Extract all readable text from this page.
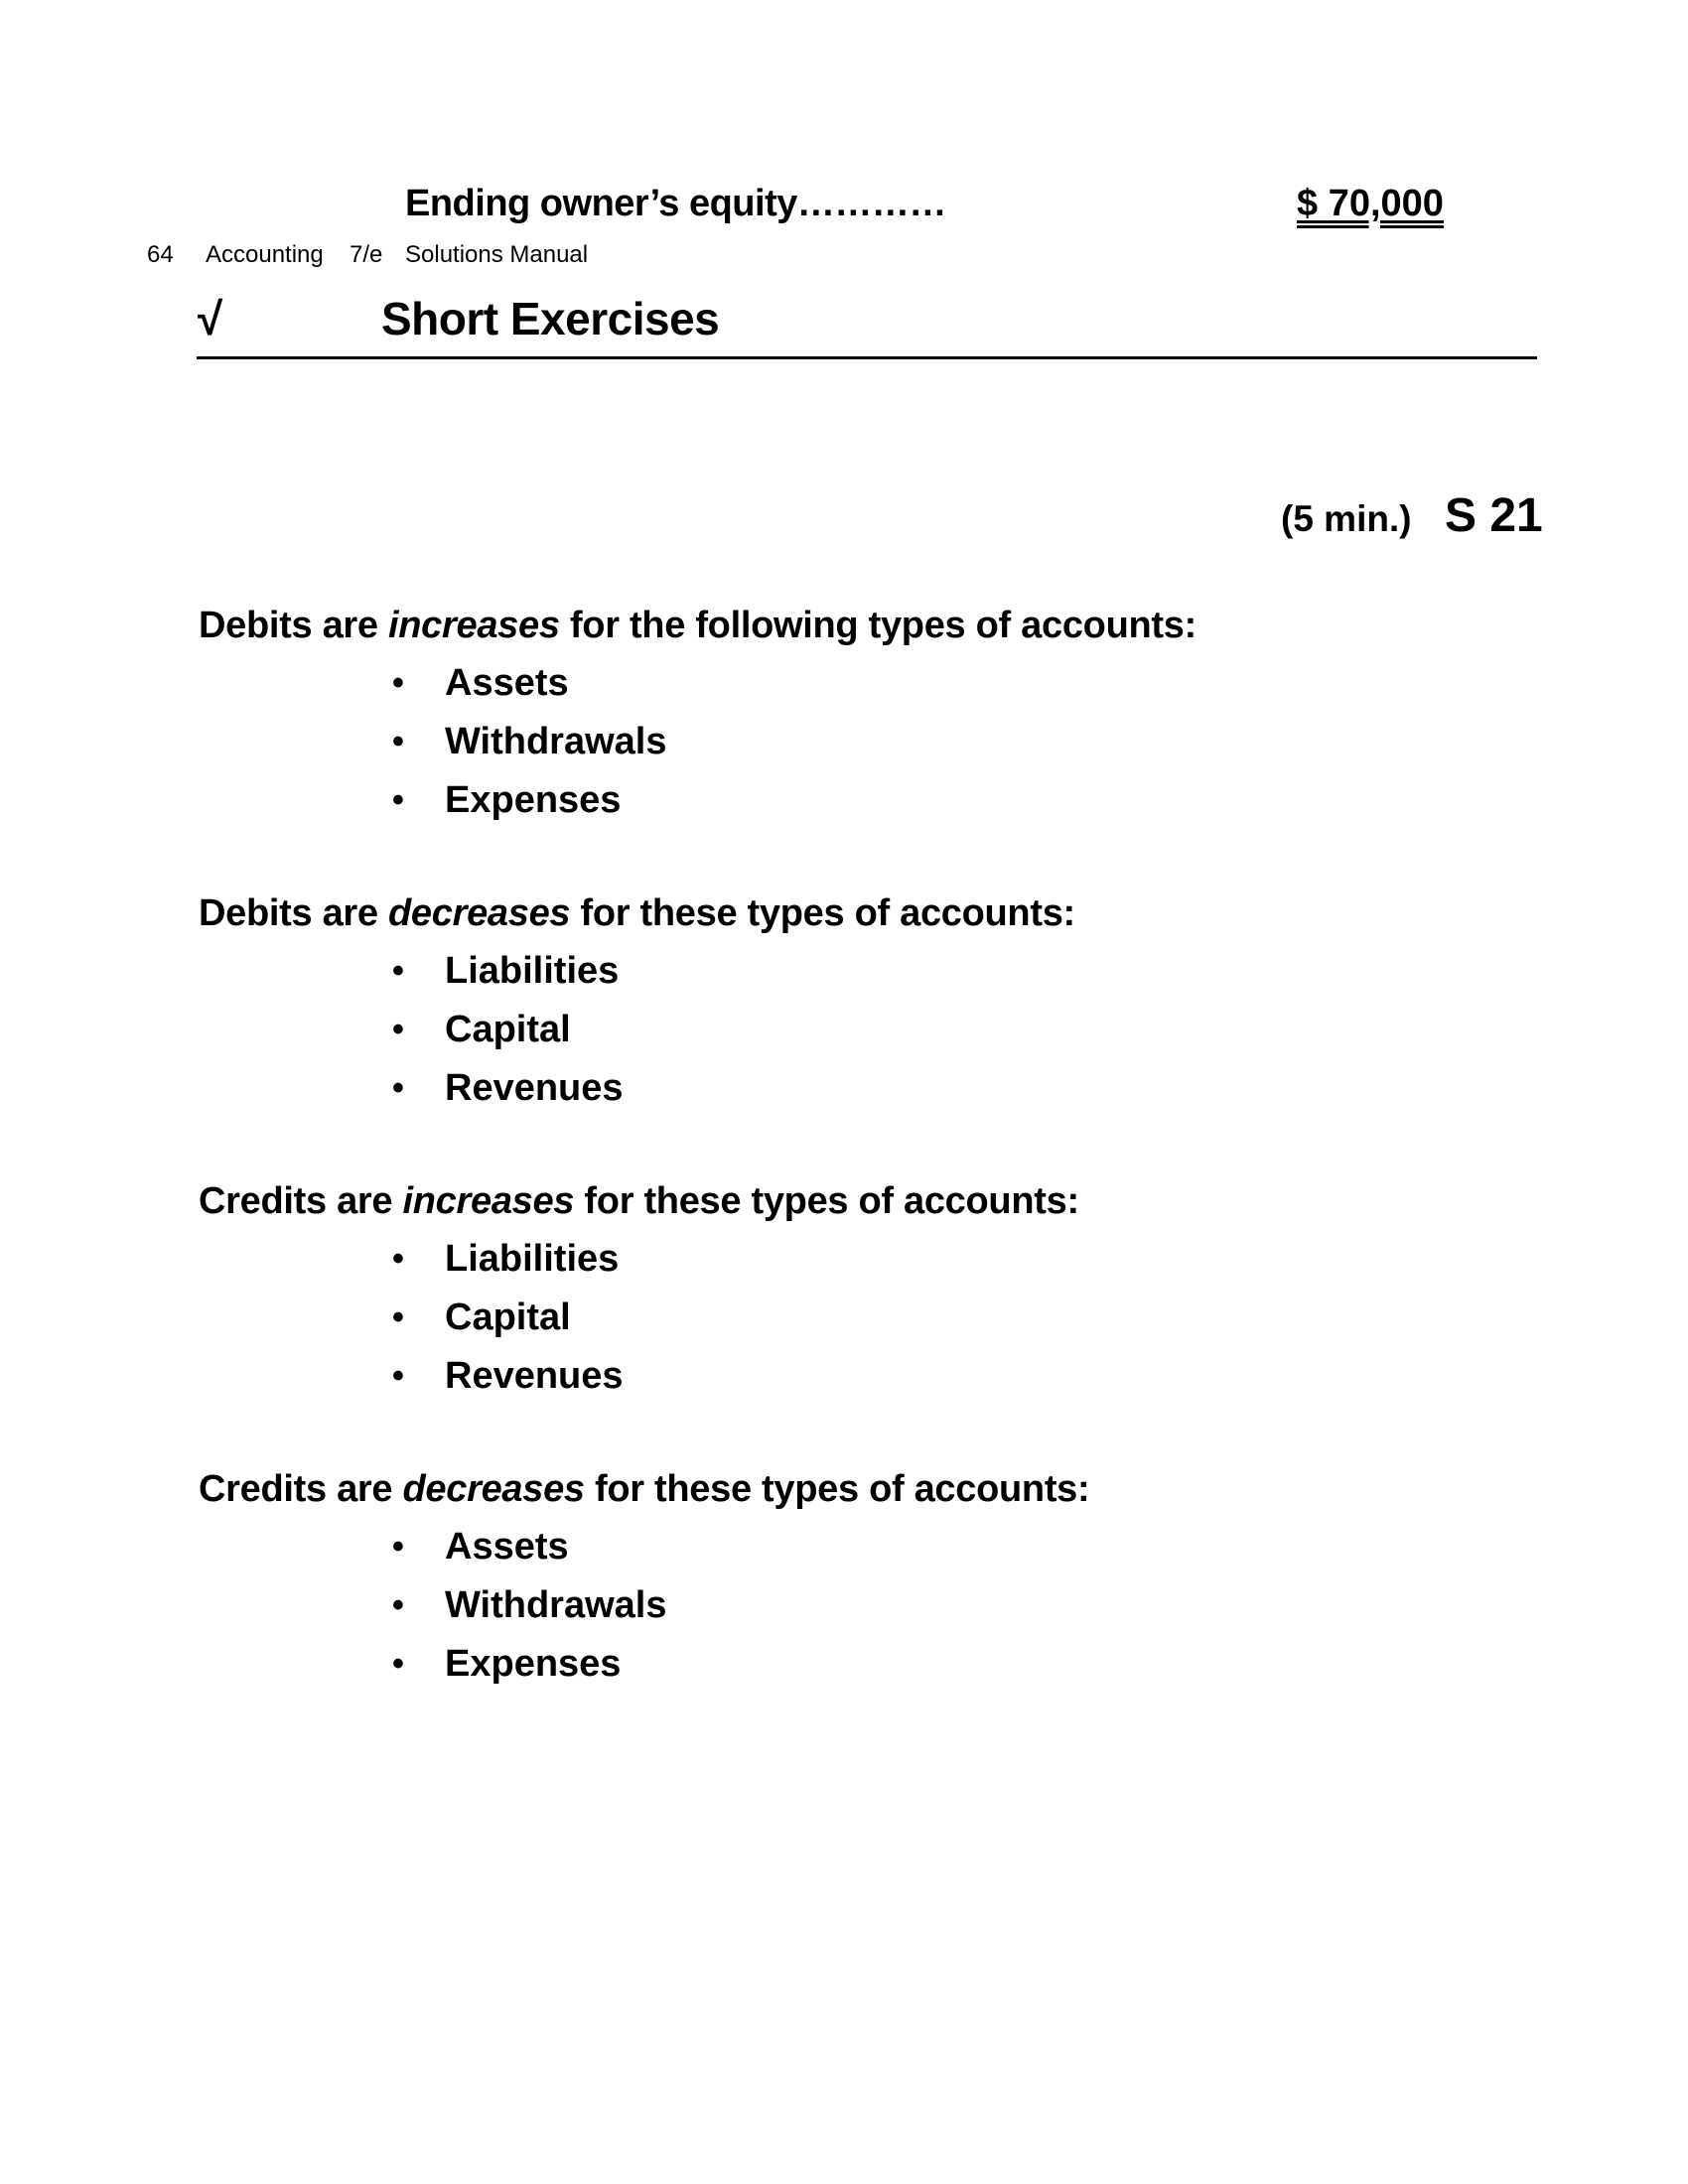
Ending owner’s equity…………	$ 70,000
64 Accounting 7/e Solutions Manual
√	Short Exercises
(5 min.) S 21
Debits are increases for the following types of accounts:
• Assets
• Withdrawals
• Expenses
Debits are decreases for these types of accounts:
• Liabilities
• Capital
• Revenues
Credits are increases for these types of accounts:
• Liabilities
• Capital
• Revenues
Credits are decreases for these types of accounts:
• Assets
• Withdrawals
• Expenses
